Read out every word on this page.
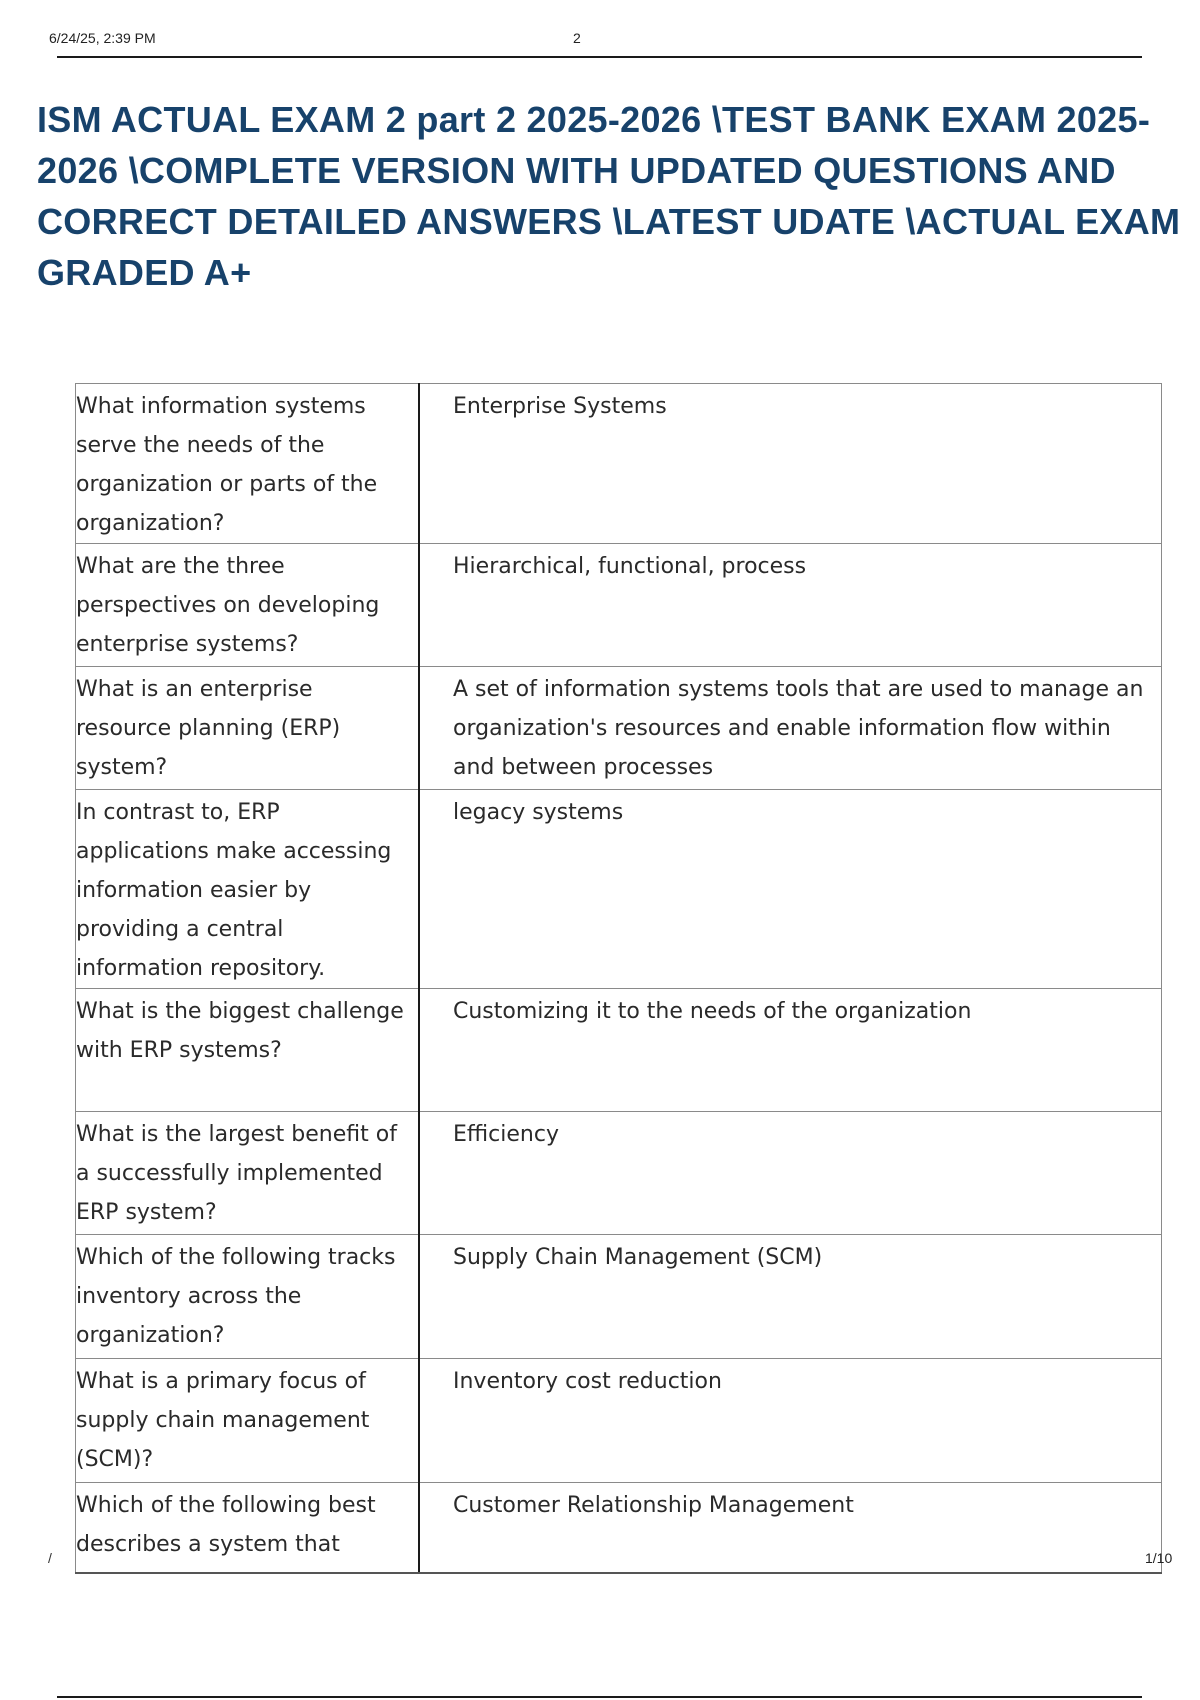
6/24/25, 2:39 PM	2
ISM ACTUAL EXAM 2 part 2 2025-2026 \TEST BANK EXAM 2025-2026 \COMPLETE VERSION WITH UPDATED QUESTIONS AND CORRECT DETAILED ANSWERS \LATEST UDATE \ACTUAL EXAM GRADED A+
What information systems serve the needs of the organization or parts of the organization?	Enterprise Systems
What are the three perspectives on developing enterprise systems?	Hierarchical, functional, process
What is an enterprise resource planning (ERP) system?	A set of information systems tools that are used to manage an organization's resources and enable information flow within and between processes
In contrast to, ERP applications make accessing information easier by providing a central information repository.	legacy systems
What is the biggest challenge with ERP systems?	Customizing it to the needs of the organization
What is the largest benefit of a successfully implemented ERP system?	Efficiency
Which of the following tracks inventory across the organization?	Supply Chain Management (SCM)
What is a primary focus of supply chain management (SCM)?	Inventory cost reduction
Which of the following best describes a system that	Customer Relationship Management
/	1/10
